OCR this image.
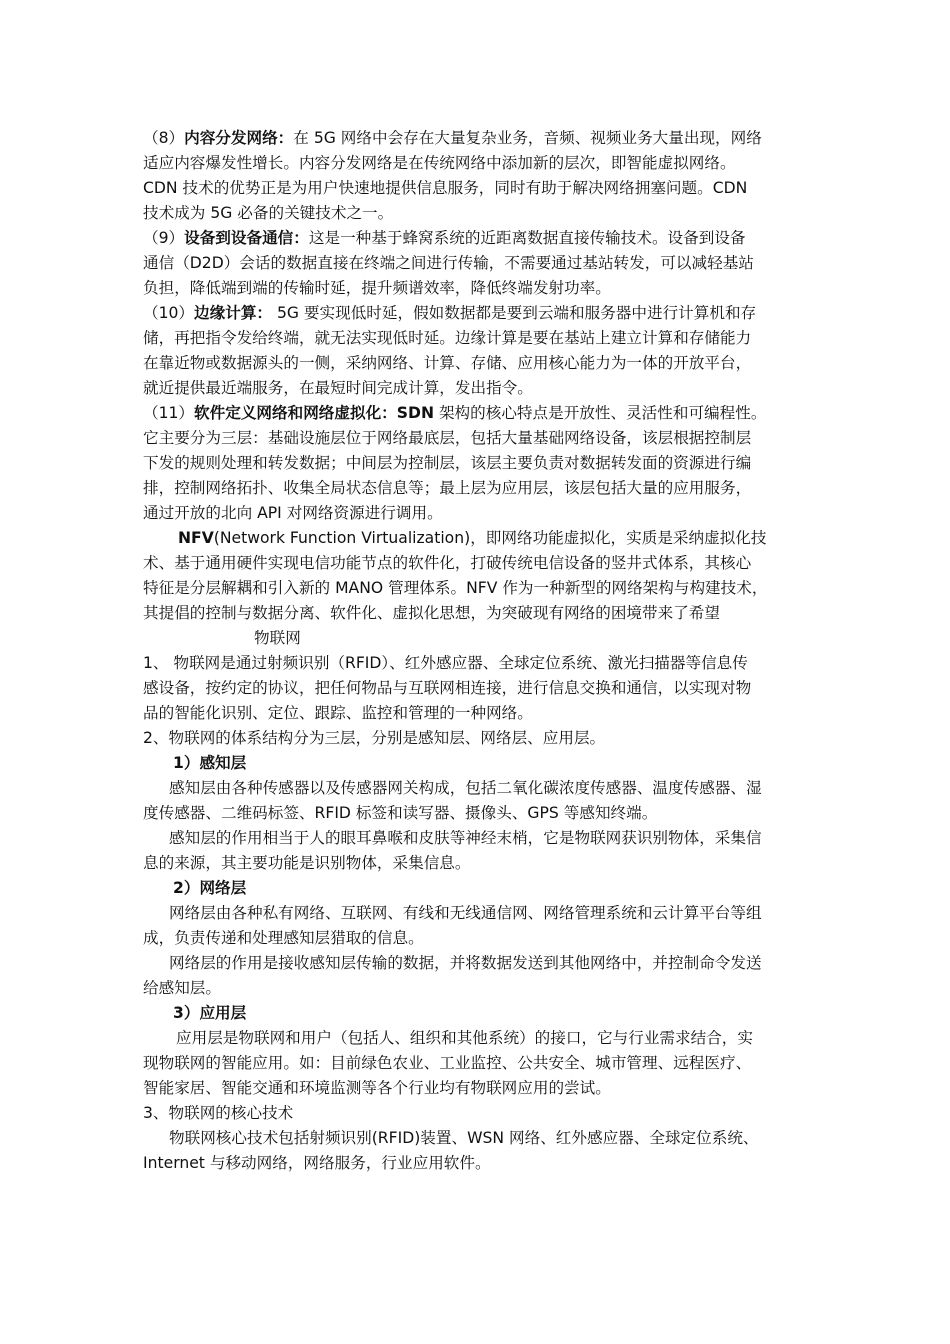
（8）内容分发网络：在 5G 网络中会存在大量复杂业务，音频、视频业务大量出现，网络
适应内容爆发性增长。内容分发网络是在传统网络中添加新的层次，即智能虚拟网络。
CDN 技术的优势正是为用户快速地提供信息服务，同时有助于解决网络拥塞问题。CDN
技术成为 5G 必备的关键技术之一。
（9）设备到设备通信：这是一种基于蜂窝系统的近距离数据直接传输技术。设备到设备
通信（D2D）会话的数据直接在终端之间进行传输，不需要通过基站转发，可以减轻基站
负担，降低端到端的传输时延，提升频谱效率，降低终端发射功率。
（10）边缘计算： 5G 要实现低时延，假如数据都是要到云端和服务器中进行计算机和存
储，再把指令发给终端，就无法实现低时延。边缘计算是要在基站上建立计算和存储能力
在靠近物或数据源头的一侧，采纳网络、计算、存储、应用核心能力为一体的开放平台，
就近提供最近端服务，在最短时间完成计算，发出指令。
（11）软件定义网络和网络虚拟化：SDN 架构的核心特点是开放性、灵活性和可编程性。
它主要分为三层：基础设施层位于网络最底层，包括大量基础网络设备，该层根据控制层
下发的规则处理和转发数据；中间层为控制层，该层主要负责对数据转发面的资源进行编
排，控制网络拓扑、收集全局状态信息等；最上层为应用层，该层包括大量的应用服务，
通过开放的北向 API 对网络资源进行调用。
NFV(Network Function Virtualization)，即网络功能虚拟化，实质是采纳虚拟化技
术、基于通用硬件实现电信功能节点的软件化，打破传统电信设备的竖井式体系，其核心
特征是分层解耦和引入新的 MANO 管理体系。NFV 作为一种新型的网络架构与构建技术，
其提倡的控制与数据分离、软件化、虚拟化思想，为突破现有网络的困境带来了希望
物联网
1、 物联网是通过射频识别（RFID）、红外感应器、全球定位系统、激光扫描器等信息传
感设备，按约定的协议，把任何物品与互联网相连接，进行信息交换和通信，以实现对物
品的智能化识别、定位、跟踪、监控和管理的一种网络。
2、物联网的体系结构分为三层，分别是感知层、网络层、应用层。
1）感知层
感知层由各种传感器以及传感器网关构成，包括二氧化碳浓度传感器、温度传感器、湿
度传感器、二维码标签、RFID 标签和读写器、摄像头、GPS 等感知终端。
感知层的作用相当于人的眼耳鼻喉和皮肤等神经末梢，它是物联网获识别物体，采集信
息的来源，其主要功能是识别物体，采集信息。
2）网络层
网络层由各种私有网络、互联网、有线和无线通信网、网络管理系统和云计算平台等组
成，负责传递和处理感知层猎取的信息。
网络层的作用是接收感知层传输的数据，并将数据发送到其他网络中，并控制命令发送
给感知层。
3）应用层
应用层是物联网和用户（包括人、组织和其他系统）的接口，它与行业需求结合，实
现物联网的智能应用。如：目前绿色农业、工业监控、公共安全、城市管理、远程医疗、
智能家居、智能交通和环境监测等各个行业均有物联网应用的尝试。
3、物联网的核心技术
物联网核心技术包括射频识别(RFID)装置、WSN 网络、红外感应器、全球定位系统、
Internet 与移动网络，网络服务，行业应用软件。
